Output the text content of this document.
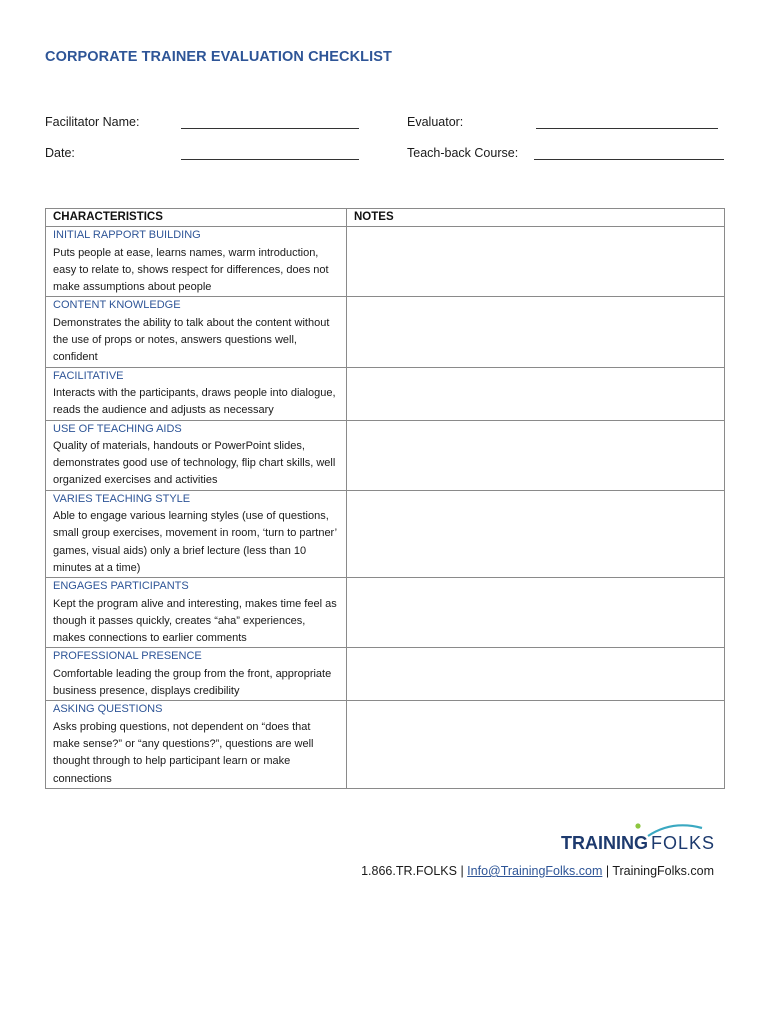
CORPORATE TRAINER EVALUATION CHECKLIST
Facilitator Name:	Evaluator:
Date:	Teach-back Course:
CHARACTERISTICS	NOTES

INITIAL RAPPORT BUILDING
Puts people at ease, learns names, warm introduction, easy to relate to, shows respect for differences, does not make assumptions about people	

CONTENT KNOWLEDGE
Demonstrates the ability to talk about the content without the use of props or notes, answers questions well, confident	

FACILITATIVE
Interacts with the participants, draws people into dialogue, reads the audience and adjusts as necessary	

USE OF TEACHING AIDS
Quality of materials, handouts or PowerPoint slides, demonstrates good use of technology, flip chart skills, well organized exercises and activities	

VARIES TEACHING STYLE
Able to engage various learning styles (use of questions, small group exercises, movement in room, ‘turn to partner’ games, visual aids) only a brief lecture (less than 10 minutes at a time)	

ENGAGES PARTICIPANTS
Kept the program alive and interesting, makes time feel as though it passes quickly, creates “aha” experiences, makes connections to earlier comments	

PROFESSIONAL PRESENCE
Comfortable leading the group from the front, appropriate business presence, displays credibility	

ASKING QUESTIONS
Asks probing questions, not dependent on “does that make sense?” or “any questions?”, questions are well thought through to help participant learn or make connections	

TRAINING FOLKS
1.866.TR.FOLKS | Info@TrainingFolks.com | TrainingFolks.com
